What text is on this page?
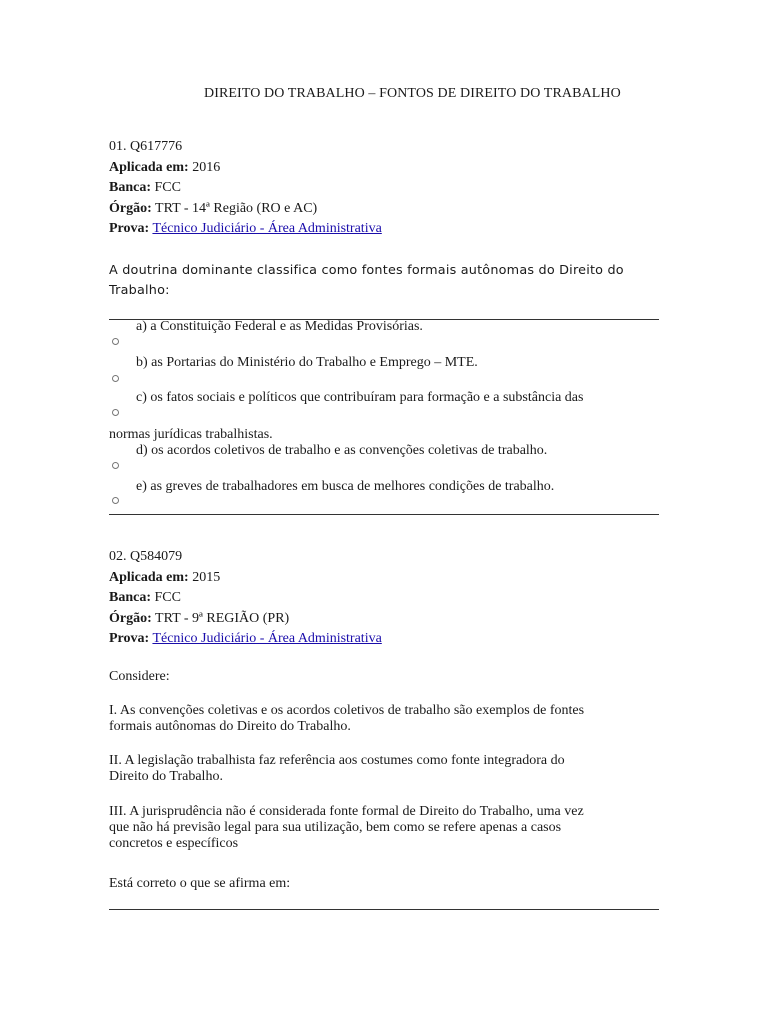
DIREITO DO TRABALHO – FONTOS DE DIREITO DO TRABALHO
01. Q617776
Aplicada em: 2016
Banca: FCC
Órgão: TRT - 14ª Região (RO e AC)
Prova: Técnico Judiciário - Área Administrativa
A doutrina dominante classifica como fontes formais autônomas do Direito do
Trabalho:
a) a Constituição Federal e as Medidas Provisórias.
b) as Portarias do Ministério do Trabalho e Emprego – MTE.
c) os fatos sociais e políticos que contribuíram para formação e a substância das
normas jurídicas trabalhistas.
d) os acordos coletivos de trabalho e as convenções coletivas de trabalho.
e) as greves de trabalhadores em busca de melhores condições de trabalho.
02. Q584079
Aplicada em: 2015
Banca: FCC
Órgão: TRT - 9ª REGIÃO (PR)
Prova: Técnico Judiciário - Área Administrativa
Considere:
I. As convenções coletivas e os acordos coletivos de trabalho são exemplos de fontes
formais autônomas do Direito do Trabalho.
II. A legislação trabalhista faz referência aos costumes como fonte integradora do
Direito do Trabalho.
III. A jurisprudência não é considerada fonte formal de Direito do Trabalho, uma vez
que não há previsão legal para sua utilização, bem como se refere apenas a casos
concretos e específicos
Está correto o que se afirma em:
